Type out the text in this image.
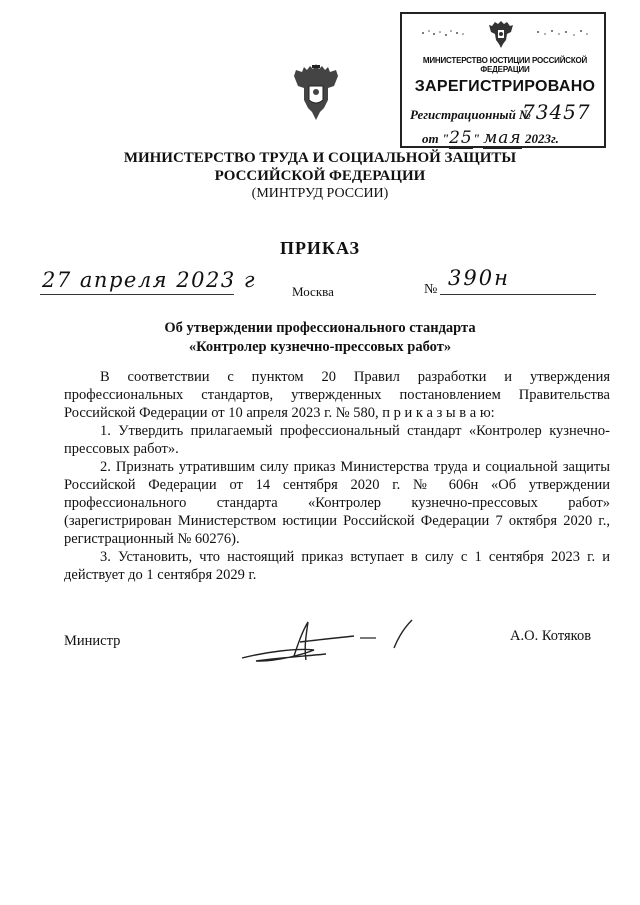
МИНИСТЕРСТВО ЮСТИЦИИ РОССИЙСКОЙ ФЕДЕРАЦИИ
ЗАРЕГИСТРИРОВАНО
Регистрационный №
73457
от "25" мая 2023г.
МИНИСТЕРСТВО ТРУДА И СОЦИАЛЬНОЙ ЗАЩИТЫ
РОССИЙСКОЙ ФЕДЕРАЦИИ
(МИНТРУД РОССИИ)
ПРИКАЗ
27 апреля 2023 г	Москва	№ 390н
Об утверждении профессионального стандарта
«Контролер кузнечно-прессовых работ»

В соответствии с пунктом 20 Правил разработки и утверждения профессиональных стандартов, утвержденных постановлением Правительства Российской Федерации от 10 апреля 2023 г. № 580, п р и к а з ы в а ю:

1. Утвердить прилагаемый профессиональный стандарт «Контролер кузнечно-прессовых работ».

2. Признать утратившим силу приказ Министерства труда и социальной защиты Российской Федерации от 14 сентября 2020 г. № 606н «Об утверждении профессионального стандарта «Контролер кузнечно-прессовых работ» (зарегистрирован Министерством юстиции Российской Федерации 7 октября 2020 г., регистрационный № 60276).

3. Установить, что настоящий приказ вступает в силу с 1 сентября 2023 г. и действует до 1 сентября 2029 г.

Министр	А.О. Котяков
